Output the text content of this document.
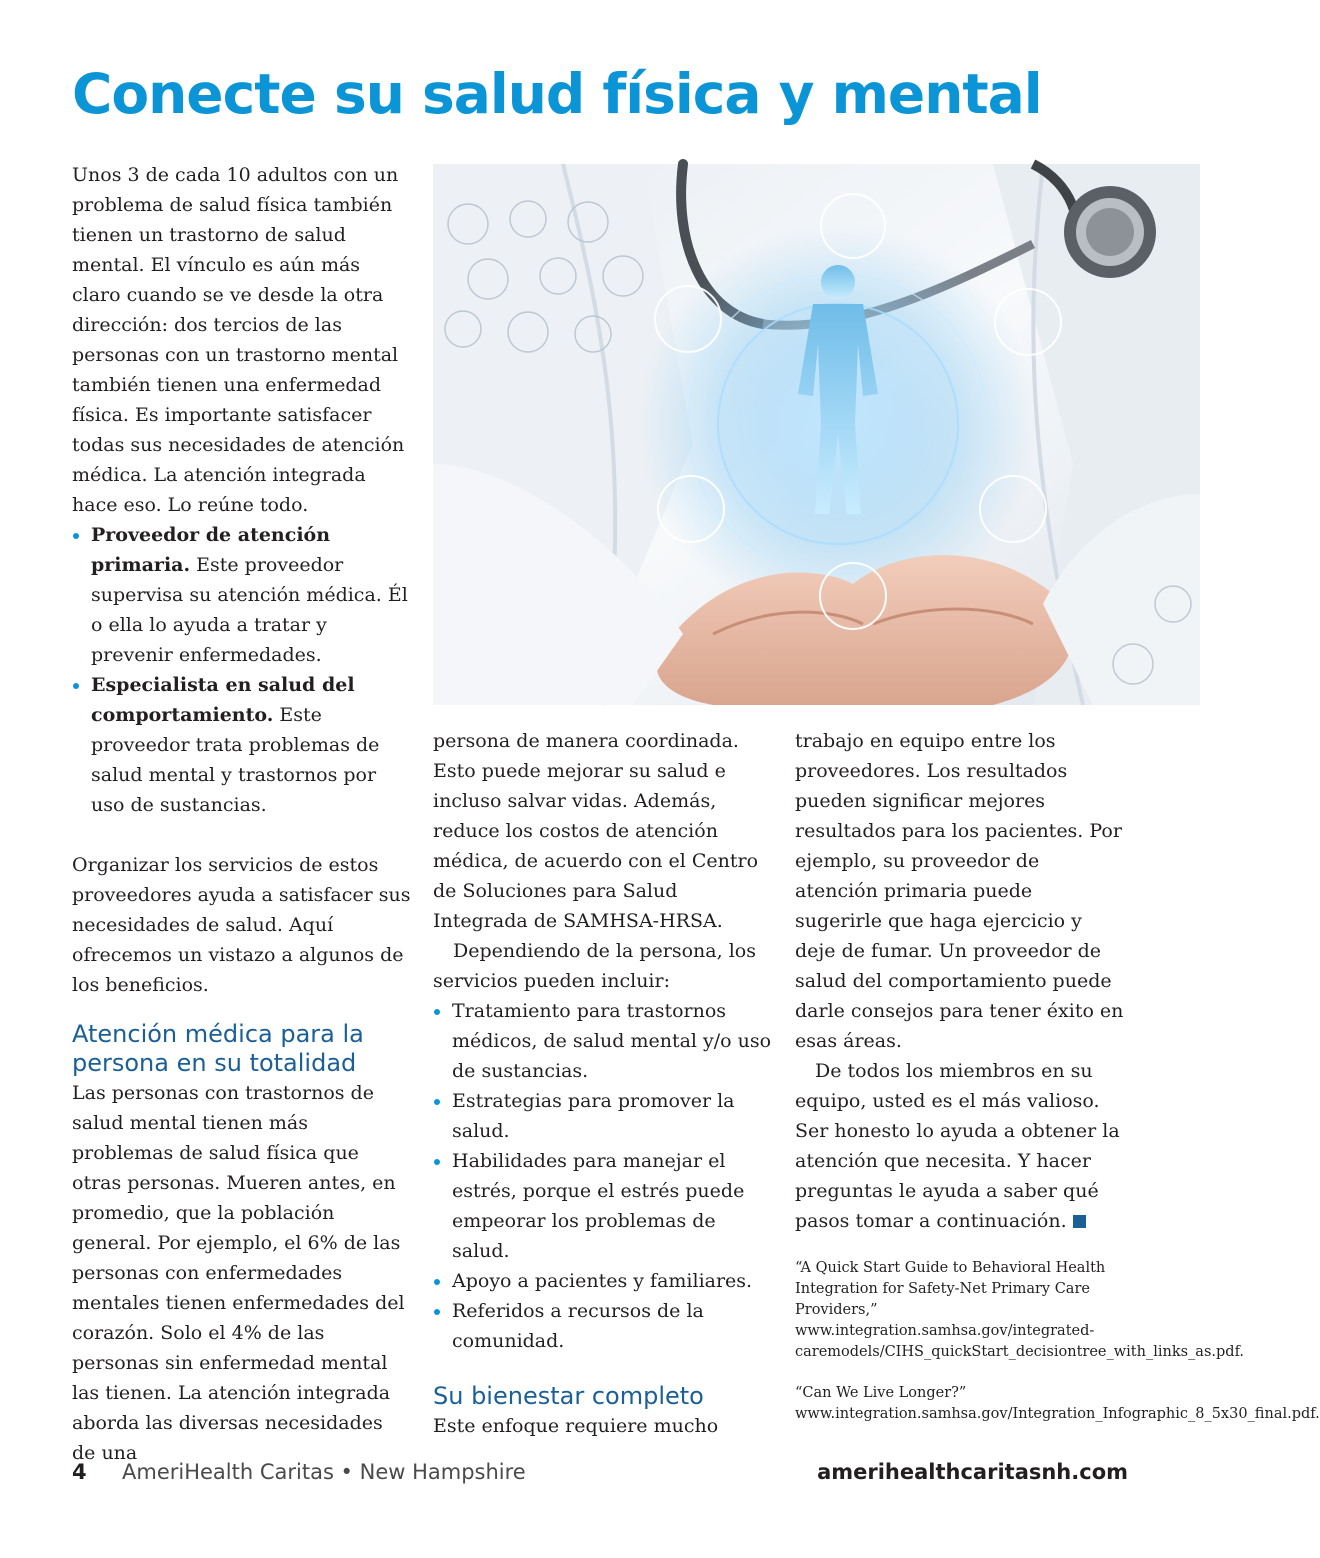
Conecte su salud física y mental

Unos 3 de cada 10 adultos con un problema de salud física también tienen un trastorno de salud mental. El vínculo es aún más claro cuando se ve desde la otra dirección: dos tercios de las personas con un trastorno mental también tienen una enfermedad física. Es importante satisfacer todas sus necesidades de atención médica. La atención integrada hace eso. Lo reúne todo.

Proveedor de atención primaria. Este proveedor supervisa su atención médica. Él o ella lo ayuda a tratar y prevenir enfermedades.
Especialista en salud del comportamiento. Este proveedor trata problemas de salud mental y trastornos por uso de sustancias.

Organizar los servicios de estos proveedores ayuda a satisfacer sus necesidades de salud. Aquí ofrecemos un vistazo a algunos de los beneficios.

Atención médica para la persona en su totalidad

Las personas con trastornos de salud mental tienen más problemas de salud física que otras personas. Mueren antes, en promedio, que la población general. Por ejemplo, el 6% de las personas con enfermedades mentales tienen enfermedades del corazón. Solo el 4% de las personas sin enfermedad mental las tienen. La atención integrada aborda las diversas necesidades de una

persona de manera coordinada. Esto puede mejorar su salud e incluso salvar vidas. Además, reduce los costos de atención médica, de acuerdo con el Centro de Soluciones para Salud Integrada de SAMHSA-HRSA.

Dependiendo de la persona, los servicios pueden incluir:

Tratamiento para trastornos médicos, de salud mental y/o uso de sustancias.
Estrategias para promover la salud.
Habilidades para manejar el estrés, porque el estrés puede empeorar los problemas de salud.
Apoyo a pacientes y familiares.
Referidos a recursos de la comunidad.
Su bienestar completo

Este enfoque requiere mucho

trabajo en equipo entre los proveedores. Los resultados pueden significar mejores resultados para los pacientes. Por ejemplo, su proveedor de atención primaria puede sugerirle que haga ejercicio y deje de fumar. Un proveedor de salud del comportamiento puede darle consejos para tener éxito en esas áreas.

De todos los miembros en su equipo, usted es el más valioso. Ser honesto lo ayuda a obtener la atención que necesita. Y hacer preguntas le ayuda a saber qué pasos tomar a continuación.

“A Quick Start Guide to Behavioral Health Integration for Safety-Net Primary Care Providers,” www.integration.samhsa.gov/integrated-caremodels/CIHS_quickStart_decisiontree_with_links_as.pdf.

“Can We Live Longer?” www.integration.samhsa.gov/Integration_Infographic_8_5x30_final.pdf.

4 AmeriHealth Caritas • New Hampshire	amerihealthcaritasnh.com
